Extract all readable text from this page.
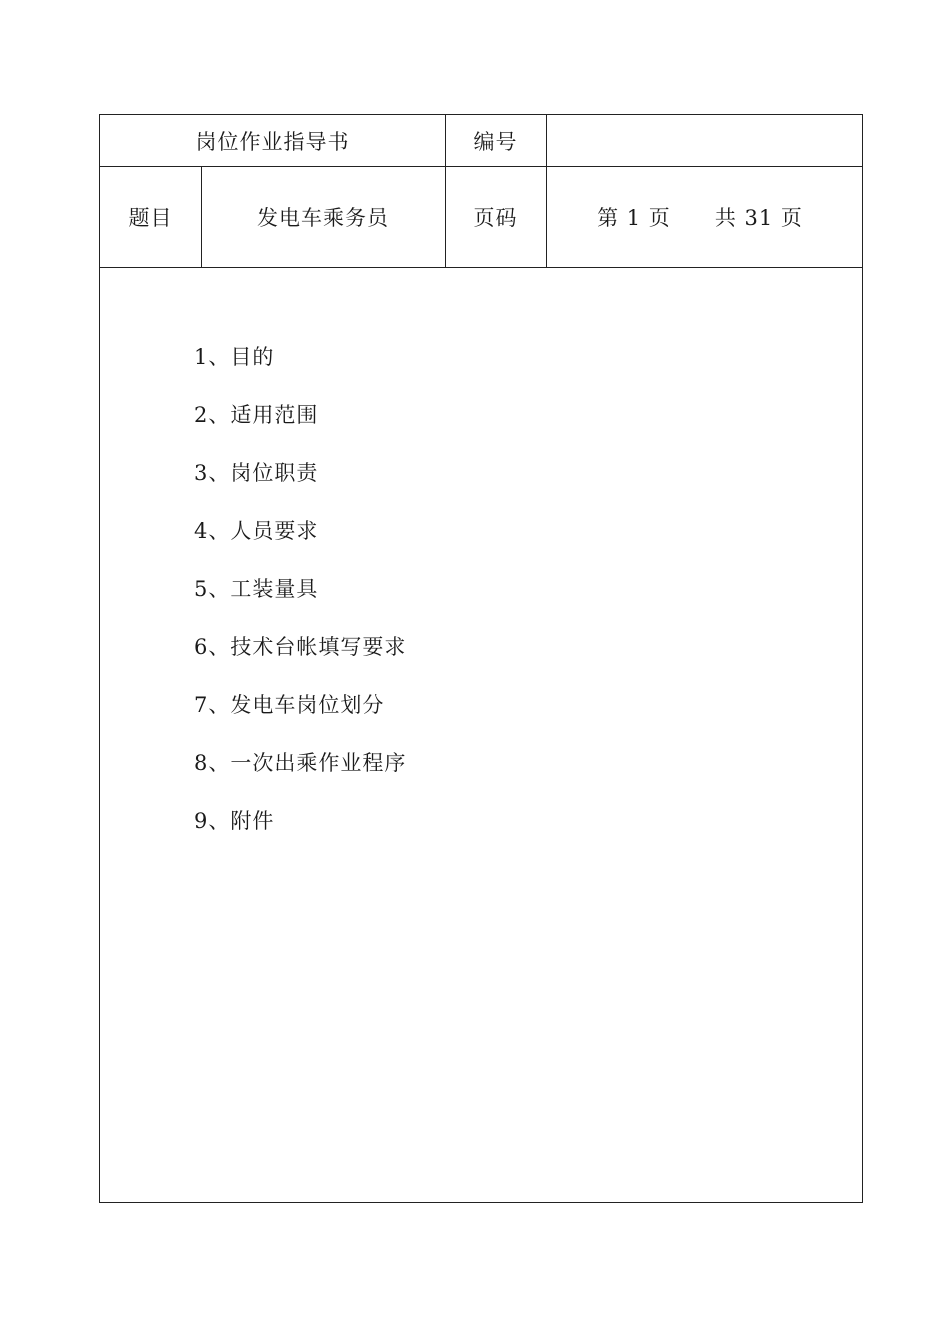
岗位作业指导书	编号
题目	发电车乘务员	页码	第 1 页 共 31 页
1、目的
2、适用范围
3、岗位职责
4、人员要求
5、工装量具
6、技术台帐填写要求
7、发电车岗位划分
8、一次出乘作业程序
9、附件
